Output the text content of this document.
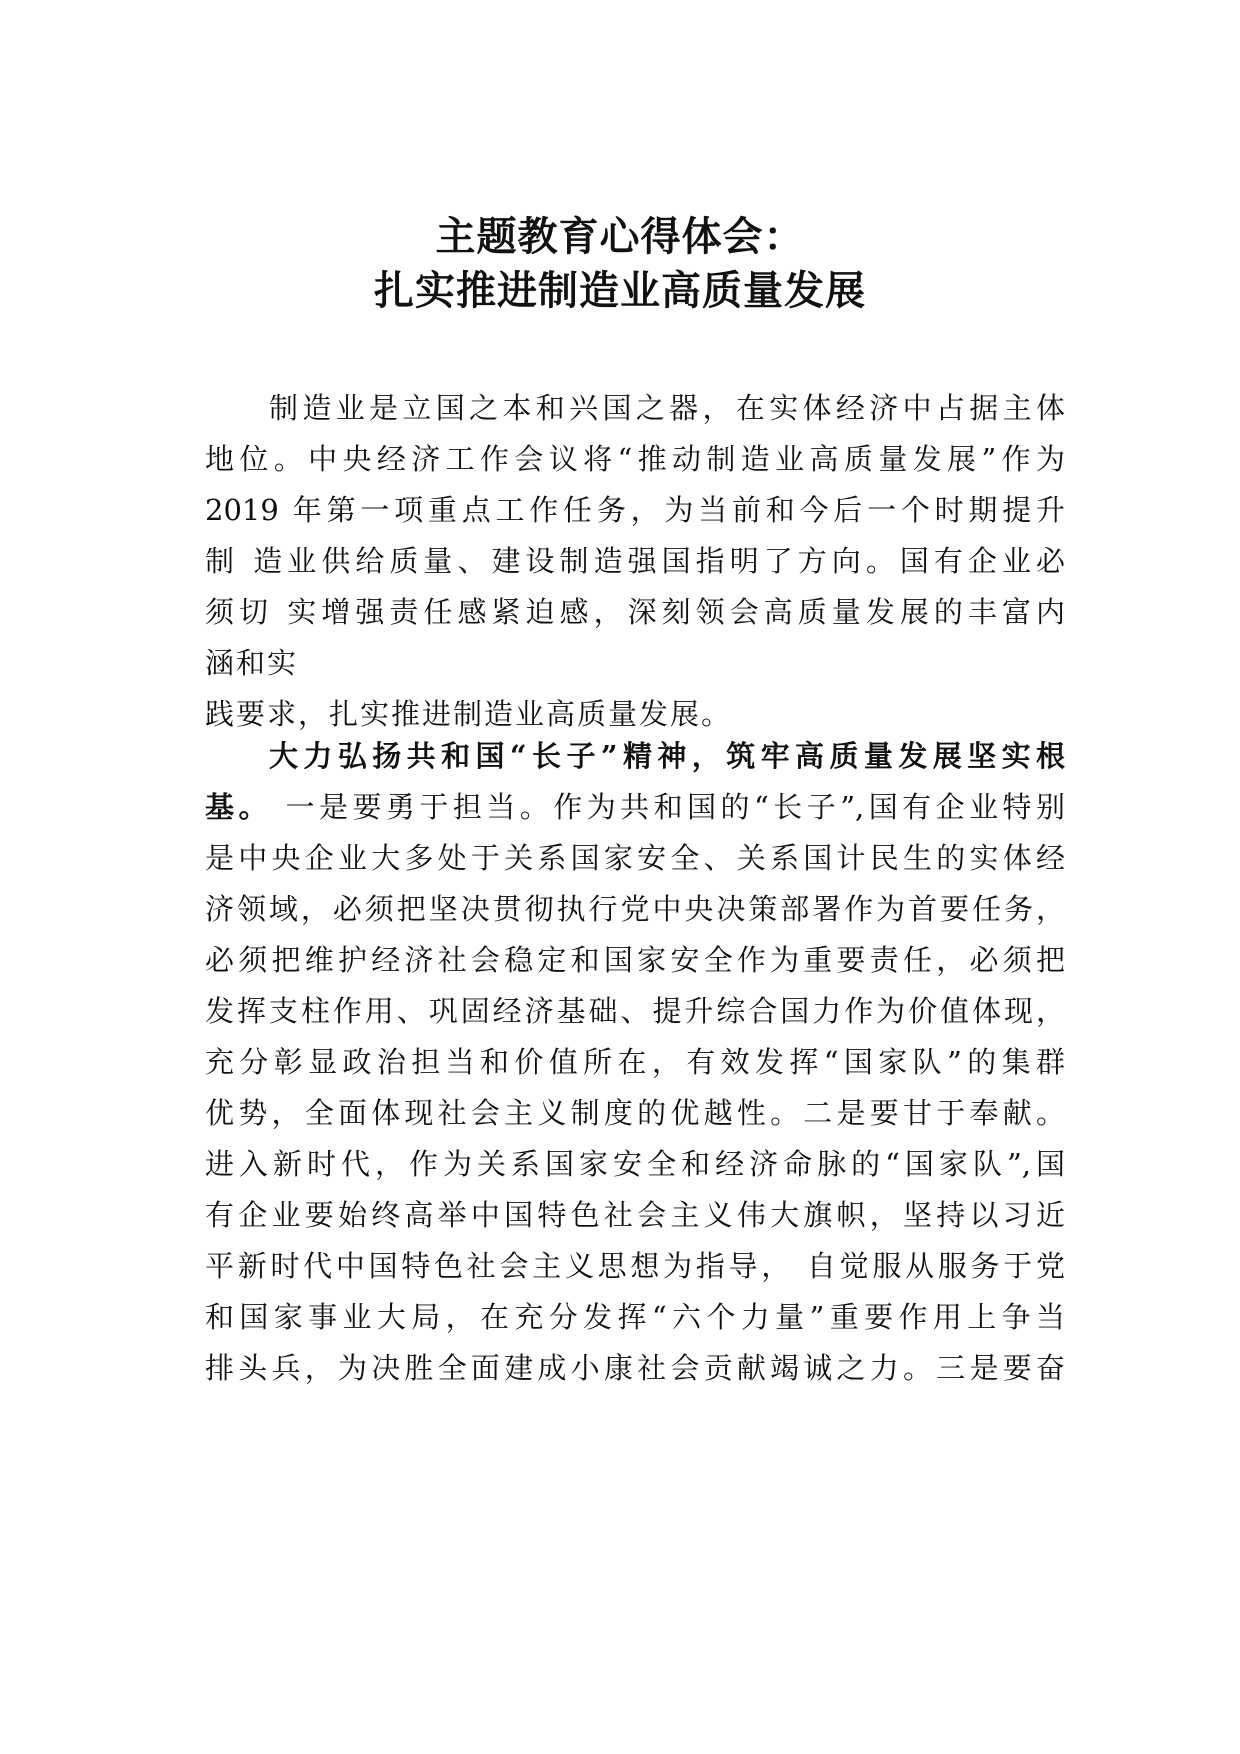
主题教育心得体会：
扎实推进制造业高质量发展
制造业是立国之本和兴国之器，在实体经济中占据主体
地位。中央经济工作会议将“推动制造业高质量发展”作为
2019 年第一项重点工作任务，为当前和今后一个时期提升
制 造业供给质量、建设制造强国指明了方向。国有企业必
须切 实增强责任感紧迫感，深刻领会高质量发展的丰富内
涵和实
践要求，扎实推进制造业高质量发展。
大力弘扬共和国“长子”精神，筑牢高质量发展坚实根
基。 一是要勇于担当。作为共和国的“长子”,国有企业特别
是中央企业大多处于关系国家安全、关系国计民生的实体经
济领域，必须把坚决贯彻执行党中央决策部署作为首要任务，
必须把维护经济社会稳定和国家安全作为重要责任，必须把
发挥支柱作用、巩固经济基础、提升综合国力作为价值体现，
充分彰显政治担当和价值所在，有效发挥“国家队”的集群
优势，全面体现社会主义制度的优越性。二是要甘于奉献。
进入新时代，作为关系国家安全和经济命脉的“国家队”,国
有企业要始终高举中国特色社会主义伟大旗帜，坚持以习近
平新时代中国特色社会主义思想为指导， 自觉服从服务于党
和国家事业大局，在充分发挥“六个力量”重要作用上争当
排头兵，为决胜全面建成小康社会贡献竭诚之力。三是要奋
